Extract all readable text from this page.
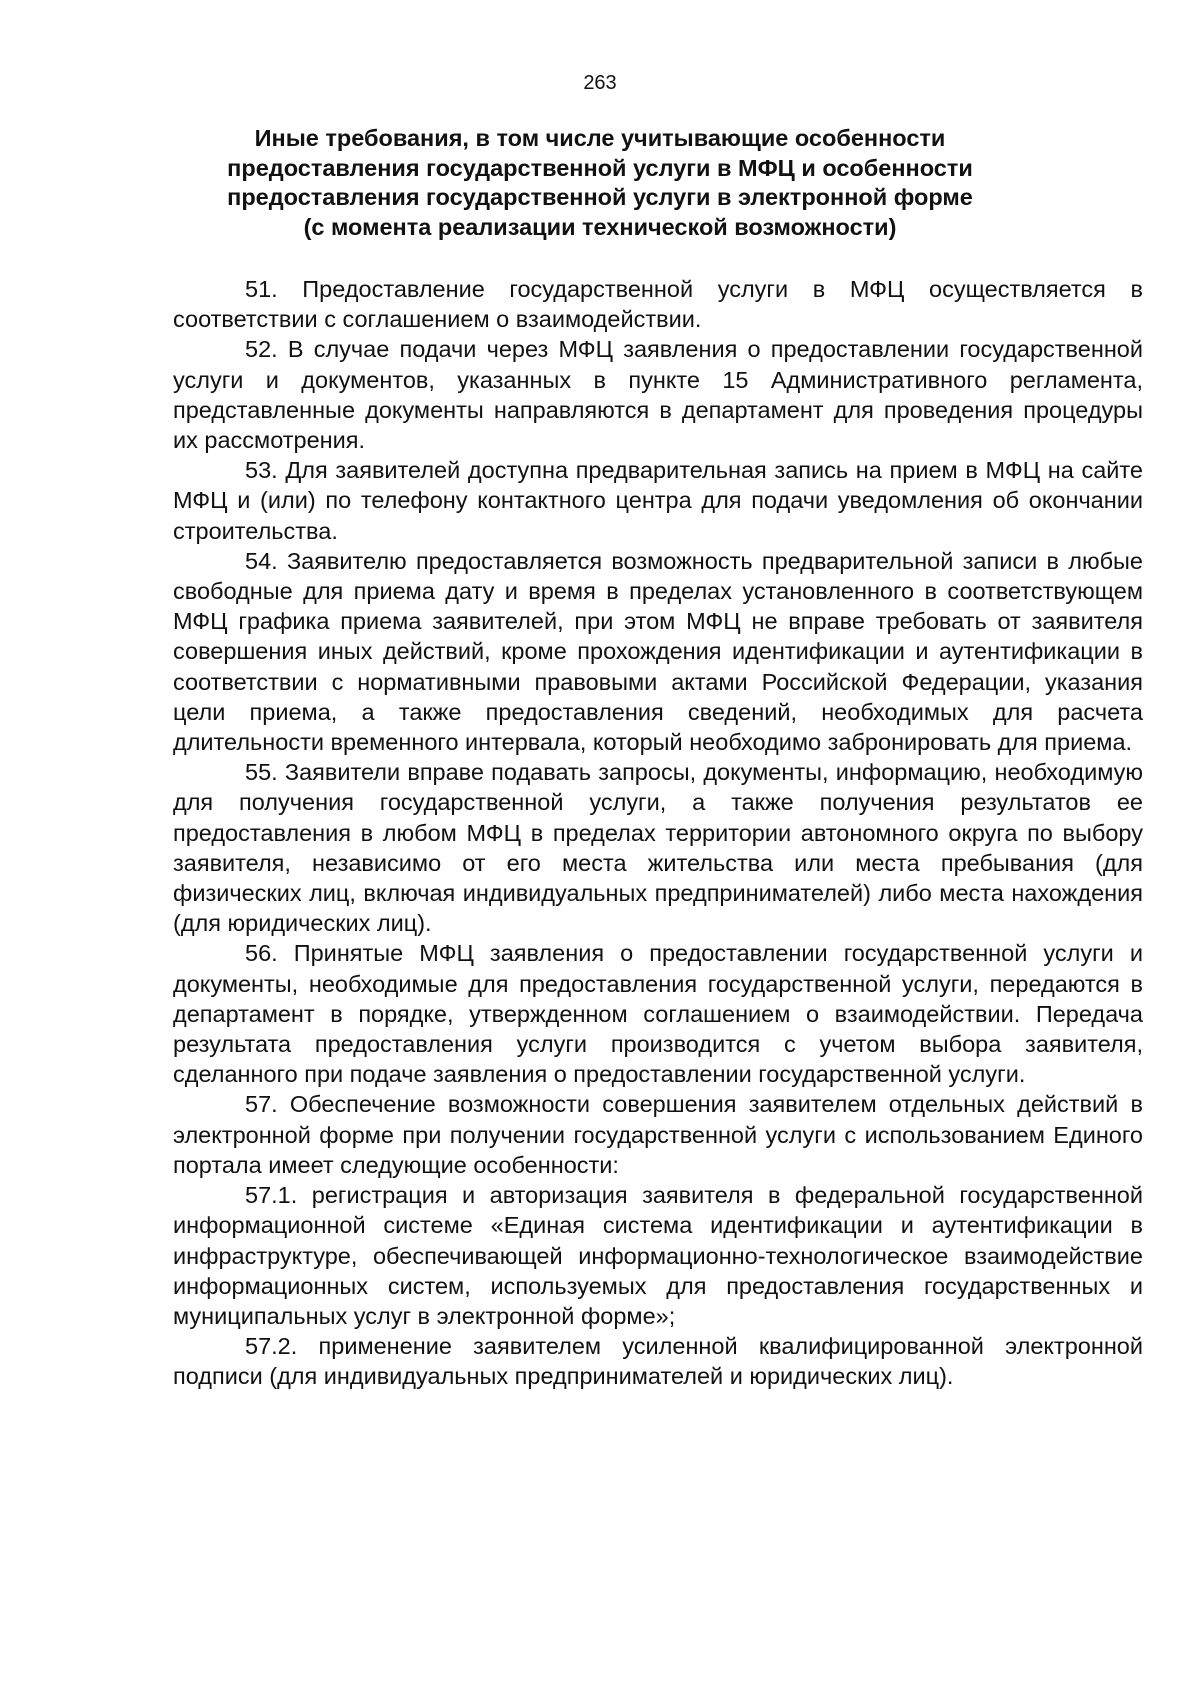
263
Иные требования, в том числе учитывающие особенности предоставления государственной услуги в МФЦ и особенности предоставления государственной услуги в электронной форме (с момента реализации технической возможности)

51. Предоставление государственной услуги в МФЦ осуществляется в соответствии с соглашением о взаимодействии.

52. В случае подачи через МФЦ заявления о предоставлении государственной услуги и документов, указанных в пункте 15 Административного регламента, представленные документы направляются в департамент для проведения процедуры их рассмотрения.

53. Для заявителей доступна предварительная запись на прием в МФЦ на сайте МФЦ и (или) по телефону контактного центра для подачи уведомления об окончании строительства.

54. Заявителю предоставляется возможность предварительной записи в любые свободные для приема дату и время в пределах установленного в соответствующем МФЦ графика приема заявителей, при этом МФЦ не вправе требовать от заявителя совершения иных действий, кроме прохождения идентификации и аутентификации в соответствии с нормативными правовыми актами Российской Федерации, указания цели приема, а также предоставления сведений, необходимых для расчета длительности временного интервала, который необходимо забронировать для приема.

55. Заявители вправе подавать запросы, документы, информацию, необходимую для получения государственной услуги, а также получения результатов ее предоставления в любом МФЦ в пределах территории автономного округа по выбору заявителя, независимо от его места жительства или места пребывания (для физических лиц, включая индивидуальных предпринимателей) либо места нахождения (для юридических лиц).

56. Принятые МФЦ заявления о предоставлении государственной услуги и документы, необходимые для предоставления государственной услуги, передаются в департамент в порядке, утвержденном соглашением о взаимодействии. Передача результата предоставления услуги производится с учетом выбора заявителя, сделанного при подаче заявления о предоставлении государственной услуги.

57. Обеспечение возможности совершения заявителем отдельных действий в электронной форме при получении государственной услуги с использованием Единого портала имеет следующие особенности:

57.1. регистрация и авторизация заявителя в федеральной государственной информационной системе «Единая система идентификации и аутентификации в инфраструктуре, обеспечивающей информационно-технологическое взаимодействие информационных систем, используемых для предоставления государственных и муниципальных услуг в электронной форме»;

57.2. применение заявителем усиленной квалифицированной электронной подписи (для индивидуальных предпринимателей и юридических лиц).
